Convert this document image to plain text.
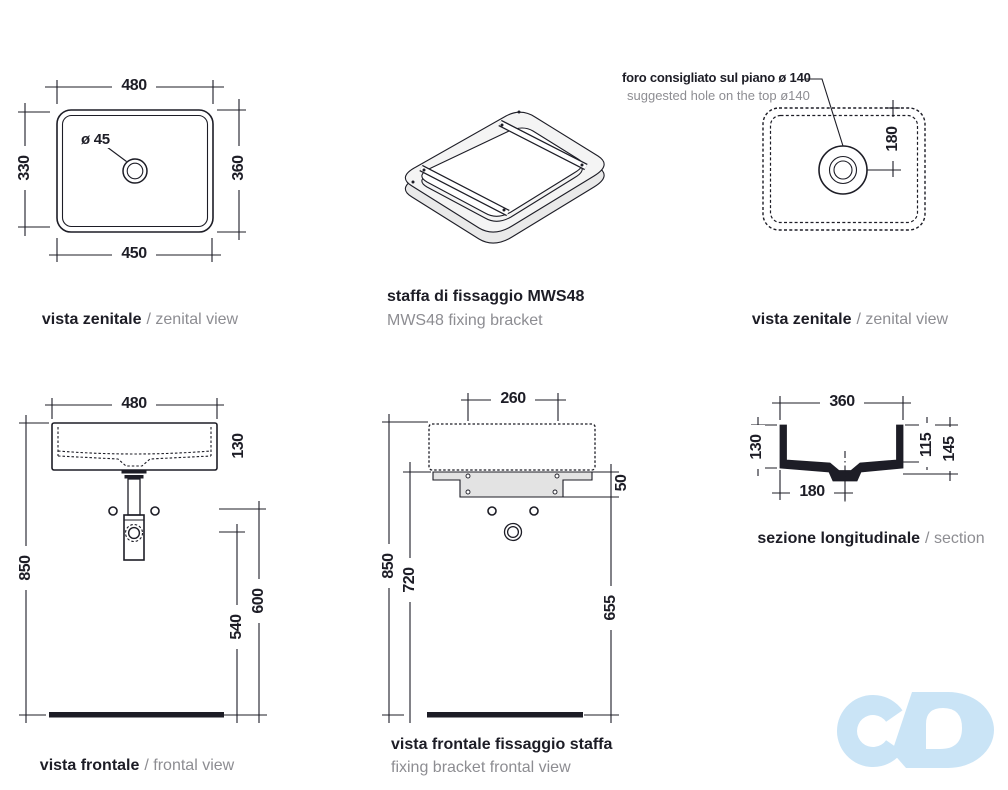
480
330	360
450
ø 45
vista zenitale / zenital view
staffa di fissaggio MWS48
MWS48 fixing bracket
foro consigliato sul piano ø 140
suggested hole on the top ø140
180
vista zenitale / zenital view
480
130
850
600
540
vista frontale / frontal view
260
50
850
720
655
vista frontale fissaggio staffa
fixing bracket frontal view
360
130	115 145
180
sezione longitudinale / section
